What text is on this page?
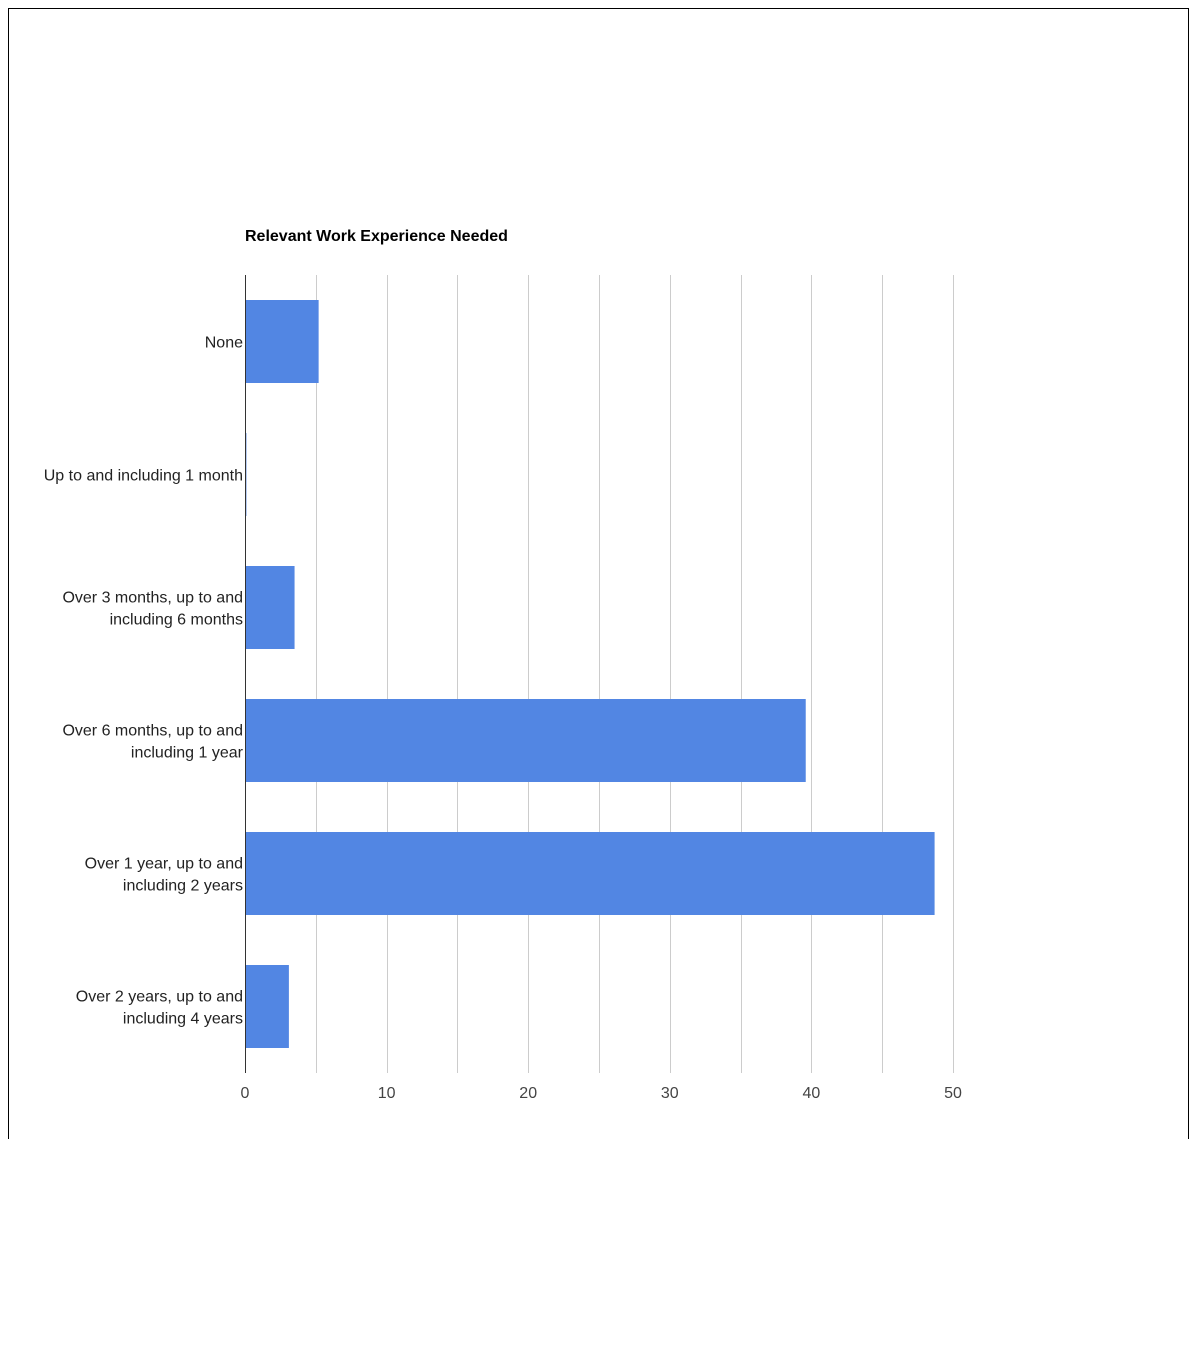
Relevant Work Experience Needed
None
Up to and including 1 month
Over 3 months, up to and including 6 months
Over 6 months, up to and including 1 year
Over 1 year, up to and including 2 years
Over 2 years, up to and including 4 years
0	10	20	30	40	50
